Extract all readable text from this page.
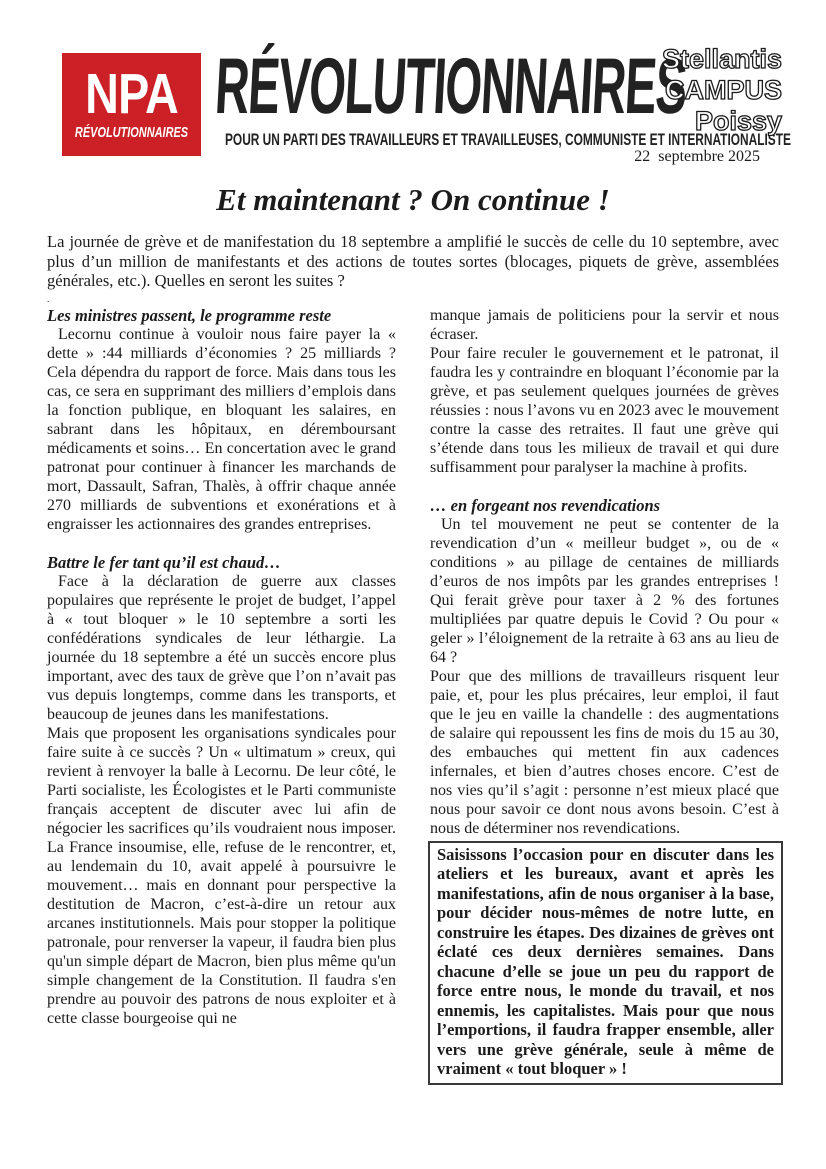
NPA
RÉVOLUTIONNAIRES
RÉVOLUTIONNAIRES
POUR UN PARTI DES TRAVAILLEURS ET TRAVAILLEUSES, COMMUNISTE ET INTERNATIONALISTE
Stellantis
CAMPUS
Poissy
22  septembre 2025
Et maintenant ? On continue !

La journée de grève et de manifestation du 18 septembre a amplifié le succès de celle du 10 septembre, avec plus d’un million de manifestants et des actions de toutes sortes (blocages, piquets de grève, assemblées générales, etc.). Quelles en seront les suites ?

.
Les ministres passent, le programme reste

Lecornu continue à vouloir nous faire payer la « dette » :44 milliards d’économies ? 25 milliards ? Cela dépendra du rapport de force. Mais dans tous les cas, ce sera en supprimant des milliers d’emplois dans la fonction publique, en bloquant les salaires, en sabrant dans les hôpitaux, en déremboursant médicaments et soins… En concertation avec le grand patronat pour continuer à financer les marchands de mort, Dassault, Safran, Thalès, à offrir chaque année 270 milliards de subventions et exonérations et à engraisser les actionnaires des grandes entreprises.

Battre le fer tant qu’il est chaud…

Face à la déclaration de guerre aux classes populaires que représente le projet de budget, l’appel à « tout bloquer » le 10 septembre a sorti les confédérations syndicales de leur léthargie. La journée du 18 septembre a été un succès encore plus important, avec des taux de grève que l’on n’avait pas vus depuis longtemps, comme dans les transports, et beaucoup de jeunes dans les manifestations.

Mais que proposent les organisations syndicales pour faire suite à ce succès ? Un « ultimatum » creux, qui revient à renvoyer la balle à Lecornu. De leur côté, le Parti socialiste, les Écologistes et le Parti communiste français acceptent de discuter avec lui afin de négocier les sacrifices qu’ils voudraient nous imposer. La France insoumise, elle, refuse de le rencontrer, et, au lendemain du 10, avait appelé à poursuivre le mouvement… mais en donnant pour perspective la destitution de Macron, c’est-à-dire un retour aux arcanes institutionnels. Mais pour stopper la politique patronale, pour renverser la vapeur, il faudra bien plus qu'un simple départ de Macron, bien plus même qu'un simple changement de la Constitution. Il faudra s'en prendre au pouvoir des patrons de nous exploiter et à cette classe bourgeoise qui ne

manque jamais de politiciens pour la servir et nous écraser.

Pour faire reculer le gouvernement et le patronat, il faudra les y contraindre en bloquant l’économie par la grève, et pas seulement quelques journées de grèves réussies : nous l’avons vu en 2023 avec le mouvement contre la casse des retraites. Il faut une grève qui s’étende dans tous les milieux de travail et qui dure suffisamment pour paralyser la machine à profits.

… en forgeant nos revendications

Un tel mouvement ne peut se contenter de la revendication d’un « meilleur budget », ou de « conditions » au pillage de centaines de milliards d’euros de nos impôts par les grandes entreprises ! Qui ferait grève pour taxer à 2 % des fortunes multipliées par quatre depuis le Covid ? Ou pour « geler » l’éloignement de la retraite à 63 ans au lieu de 64 ?

Pour que des millions de travailleurs risquent leur paie, et, pour les plus précaires, leur emploi, il faut que le jeu en vaille la chandelle : des augmentations de salaire qui repoussent les fins de mois du 15 au 30, des embauches qui mettent fin aux cadences infernales, et bien d’autres choses encore. C’est de nos vies qu’il s’agit : personne n’est mieux placé que nous pour savoir ce dont nous avons besoin. C’est à nous de déterminer nos revendications.

Saisissons l’occasion pour en discuter dans les ateliers et les bureaux, avant et après les manifestations, afin de nous organiser à la base, pour décider nous-mêmes de notre lutte, en construire les étapes. Des dizaines de grèves ont éclaté ces deux dernières semaines. Dans chacune d’elle se joue un peu du rapport de force entre nous, le monde du travail, et nos ennemis, les capitalistes. Mais pour que nous l’emportions, il faudra frapper ensemble, aller vers une grève générale, seule à même de vraiment « tout bloquer » !
